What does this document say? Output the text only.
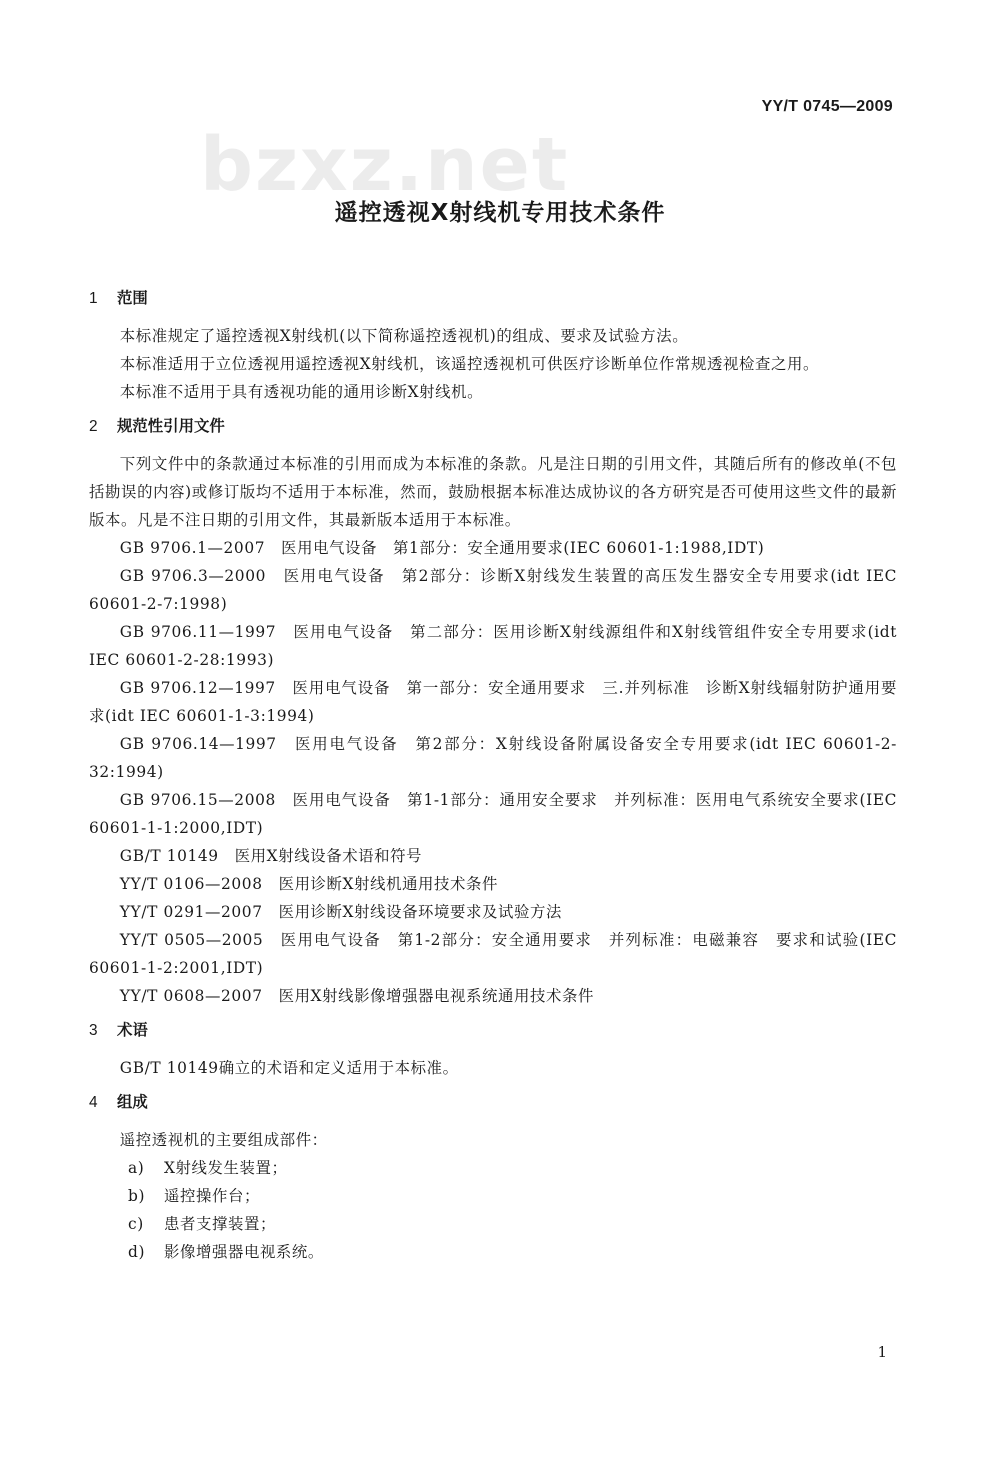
YY/T 0745—2009
bzxz.net
遥控透视X射线机专用技术条件
1 范围
本标准规定了遥控透视X射线机(以下简称遥控透视机)的组成、要求及试验方法。
本标准适用于立位透视用遥控透视X射线机，该遥控透视机可供医疗诊断单位作常规透视检查之用。
本标准不适用于具有透视功能的通用诊断X射线机。
2 规范性引用文件
下列文件中的条款通过本标准的引用而成为本标准的条款。凡是注日期的引用文件，其随后所有的修改单(不包括勘误的内容)或修订版均不适用于本标准，然而，鼓励根据本标准达成协议的各方研究是否可使用这些文件的最新版本。凡是不注日期的引用文件，其最新版本适用于本标准。
GB 9706.1—2007　医用电气设备　第1部分：安全通用要求(IEC 60601-1:1988,IDT)
GB 9706.3—2000　医用电气设备　第2部分：诊断X射线发生装置的高压发生器安全专用要求(idt IEC 60601-2-7:1998)
GB 9706.11—1997　医用电气设备　第二部分：医用诊断X射线源组件和X射线管组件安全专用要求(idt IEC 60601-2-28:1993)
GB 9706.12—1997　医用电气设备　第一部分：安全通用要求　三.并列标准　诊断X射线辐射防护通用要求(idt IEC 60601-1-3:1994)
GB 9706.14—1997　医用电气设备　第2部分：X射线设备附属设备安全专用要求(idt IEC 60601-2-32:1994)
GB 9706.15—2008　医用电气设备　第1-1部分：通用安全要求　并列标准：医用电气系统安全要求(IEC 60601-1-1:2000,IDT)
GB/T 10149　医用X射线设备术语和符号
YY/T 0106—2008　医用诊断X射线机通用技术条件
YY/T 0291—2007　医用诊断X射线设备环境要求及试验方法
YY/T 0505—2005　医用电气设备　第1-2部分：安全通用要求　并列标准：电磁兼容　要求和试验(IEC 60601-1-2:2001,IDT)
YY/T 0608—2007　医用X射线影像增强器电视系统通用技术条件
3 术语
GB/T 10149确立的术语和定义适用于本标准。
4 组成
遥控透视机的主要组成部件：
a) X射线发生装置；
b) 遥控操作台；
c) 患者支撑装置；
d) 影像增强器电视系统。
1
